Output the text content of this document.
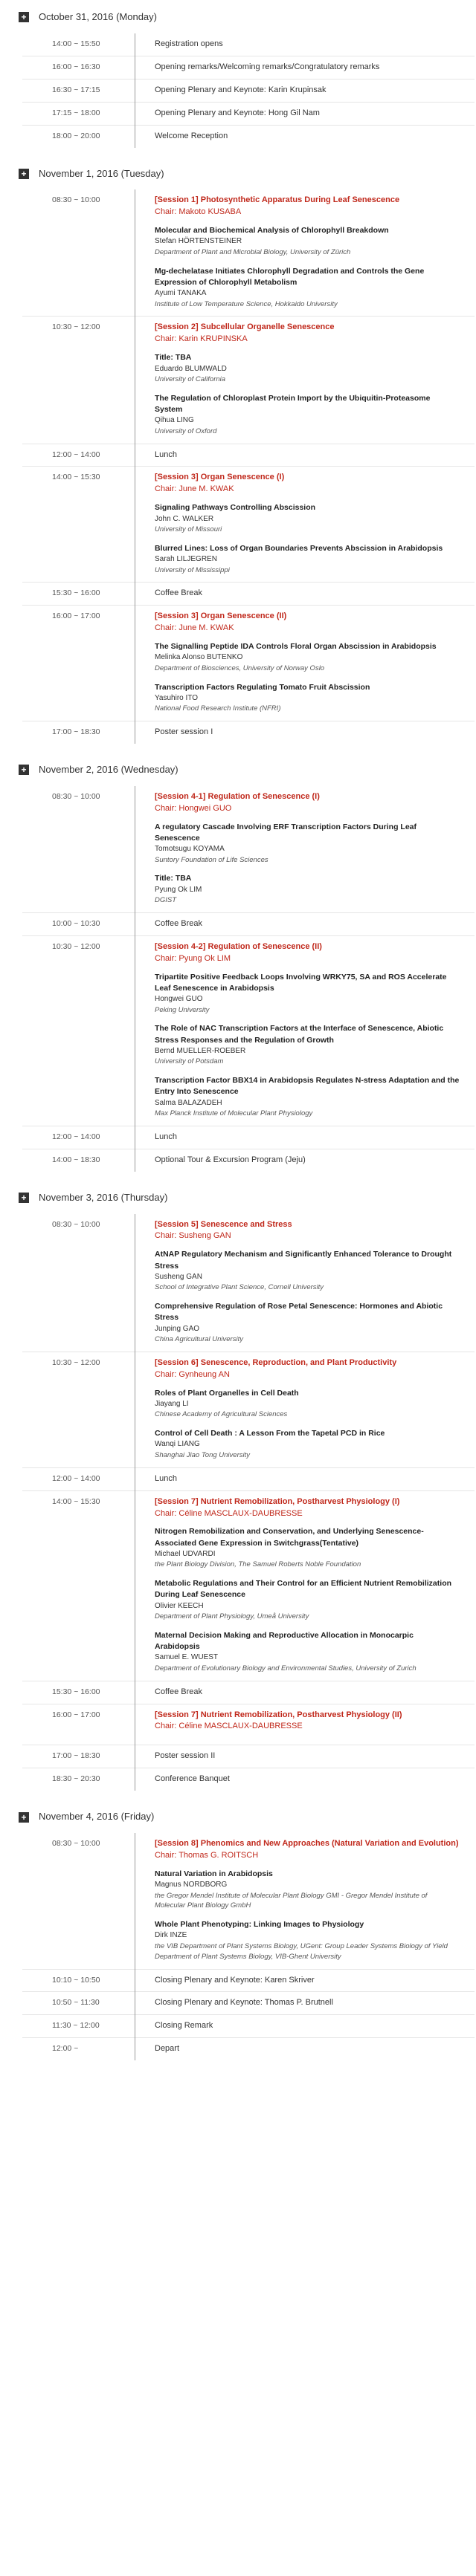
+ October 31, 2016 (Monday)
14:00 ~ 15:50	Registration opens
16:00 ~ 16:30	Opening remarks/Welcoming remarks/Congratulatory remarks
16:30 ~ 17:15	Opening Plenary and Keynote: Karin Krupinsak
17:15 ~ 18:00	Opening Plenary and Keynote: Hong Gil Nam
18:00 ~ 20:00	Welcome Reception
+ November 1, 2016 (Tuesday)
08:30 ~ 10:00	[Session 1] Photosynthetic Apparatus During Leaf Senescence
Chair: Makoto KUSABA
Molecular and Biochemical Analysis of Chlorophyll Breakdown
Stefan HÖRTENSTEINER
Department of Plant and Microbial Biology, University of Zürich
Mg-dechelatase Initiates Chlorophyll Degradation and Controls the Gene Expression of Chlorophyll Metabolism
Ayumi TANAKA
Institute of Low Temperature Science, Hokkaido University
10:30 ~ 12:00	[Session 2] Subcellular Organelle Senescence
Chair: Karin KRUPINSKA
Title: TBA
Eduardo BLUMWALD
University of California
The Regulation of Chloroplast Protein Import by the Ubiquitin-Proteasome System
Qihua LING
University of Oxford
12:00 ~ 14:00	Lunch
14:00 ~ 15:30	[Session 3] Organ Senescence (I)
Chair: June M. KWAK
Signaling Pathways Controlling Abscission
John C. WALKER
University of Missouri
Blurred Lines: Loss of Organ Boundaries Prevents Abscission in Arabidopsis
Sarah LILJEGREN
University of Mississippi
15:30 ~ 16:00	Coffee Break
16:00 ~ 17:00	[Session 3] Organ Senescence (II)
Chair: June M. KWAK
The Signalling Peptide IDA Controls Floral Organ Abscission in Arabidopsis
Melinka Alonso BUTENKO
Department of Biosciences, University of Norway Oslo
Transcription Factors Regulating Tomato Fruit Abscission
Yasuhiro ITO
National Food Research Institute (NFRI)
17:00 ~ 18:30	Poster session I
+ November 2, 2016 (Wednesday)
08:30 ~ 10:00	[Session 4-1] Regulation of Senescence (I)
Chair: Hongwei GUO
A regulatory Cascade Involving ERF Transcription Factors During Leaf Senescence
Tomotsugu KOYAMA
Suntory Foundation of Life Sciences
Title: TBA
Pyung Ok LIM
DGIST
10:00 ~ 10:30	Coffee Break
10:30 ~ 12:00	[Session 4-2] Regulation of Senescence (II)
Chair: Pyung Ok LIM
Tripartite Positive Feedback Loops Involving WRKY75, SA and ROS Accelerate Leaf Senescence in Arabidopsis
Hongwei GUO
Peking University
The Role of NAC Transcription Factors at the Interface of Senescence, Abiotic Stress Responses and the Regulation of Growth
Bernd MUELLER-ROEBER
University of Potsdam
Transcription Factor BBX14 in Arabidopsis Regulates N-stress Adaptation and the Entry Into Senescence
Salma BALAZADEH
Max Planck Institute of Molecular Plant Physiology
12:00 ~ 14:00	Lunch
14:00 ~ 18:30	Optional Tour & Excursion Program (Jeju)
+ November 3, 2016 (Thursday)
08:30 ~ 10:00	[Session 5] Senescence and Stress
Chair: Susheng GAN
AtNAP Regulatory Mechanism and Significantly Enhanced Tolerance to Drought Stress
Susheng GAN
School of Integrative Plant Science, Cornell University
Comprehensive Regulation of Rose Petal Senescence: Hormones and Abiotic Stress
Junping GAO
China Agricultural University
10:30 ~ 12:00	[Session 6] Senescence, Reproduction, and Plant Productivity
Chair: Gynheung AN
Roles of Plant Organelles in Cell Death
Jiayang LI
Chinese Academy of Agricultural Sciences
Control of Cell Death : A Lesson From the Tapetal PCD in Rice
Wanqi LIANG
Shanghai Jiao Tong University
12:00 ~ 14:00	Lunch
14:00 ~ 15:30	[Session 7] Nutrient Remobilization, Postharvest Physiology (I)
Chair: Céline MASCLAUX-DAUBRESSE
Nitrogen Remobilization and Conservation, and Underlying Senescence-Associated Gene Expression in Switchgrass(Tentative)
Michael UDVARDI
the Plant Biology Division, The Samuel Roberts Noble Foundation
Metabolic Regulations and Their Control for an Efficient Nutrient Remobilization During Leaf Senescence
Olivier KEECH
Department of Plant Physiology, Umeå University
Maternal Decision Making and Reproductive Allocation in Monocarpic Arabidopsis
Samuel E. WUEST
Department of Evolutionary Biology and Environmental Studies, University of Zurich
15:30 ~ 16:00	Coffee Break
16:00 ~ 17:00	[Session 7] Nutrient Remobilization, Postharvest Physiology (II)
Chair: Céline MASCLAUX-DAUBRESSE
17:00 ~ 18:30	Poster session II
18:30 ~ 20:30	Conference Banquet
+ November 4, 2016 (Friday)
08:30 ~ 10:00	[Session 8] Phenomics and New Approaches (Natural Variation and Evolution)
Chair: Thomas G. ROITSCH
Natural Variation in Arabidopsis
Magnus NORDBORG
the Gregor Mendel Institute of Molecular Plant Biology GMI - Gregor Mendel Institute of Molecular Plant Biology GmbH
Whole Plant Phenotyping: Linking Images to Physiology
Dirk INZE
the VIB Department of Plant Systems Biology, UGent: Group Leader Systems Biology of Yield Department of Plant Systems Biology, VIB-Ghent University
10:10 ~ 10:50	Closing Plenary and Keynote: Karen Skriver
10:50 ~ 11:30	Closing Plenary and Keynote: Thomas P. Brutnell
11:30 ~ 12:00	Closing Remark
12:00 ~	Depart
